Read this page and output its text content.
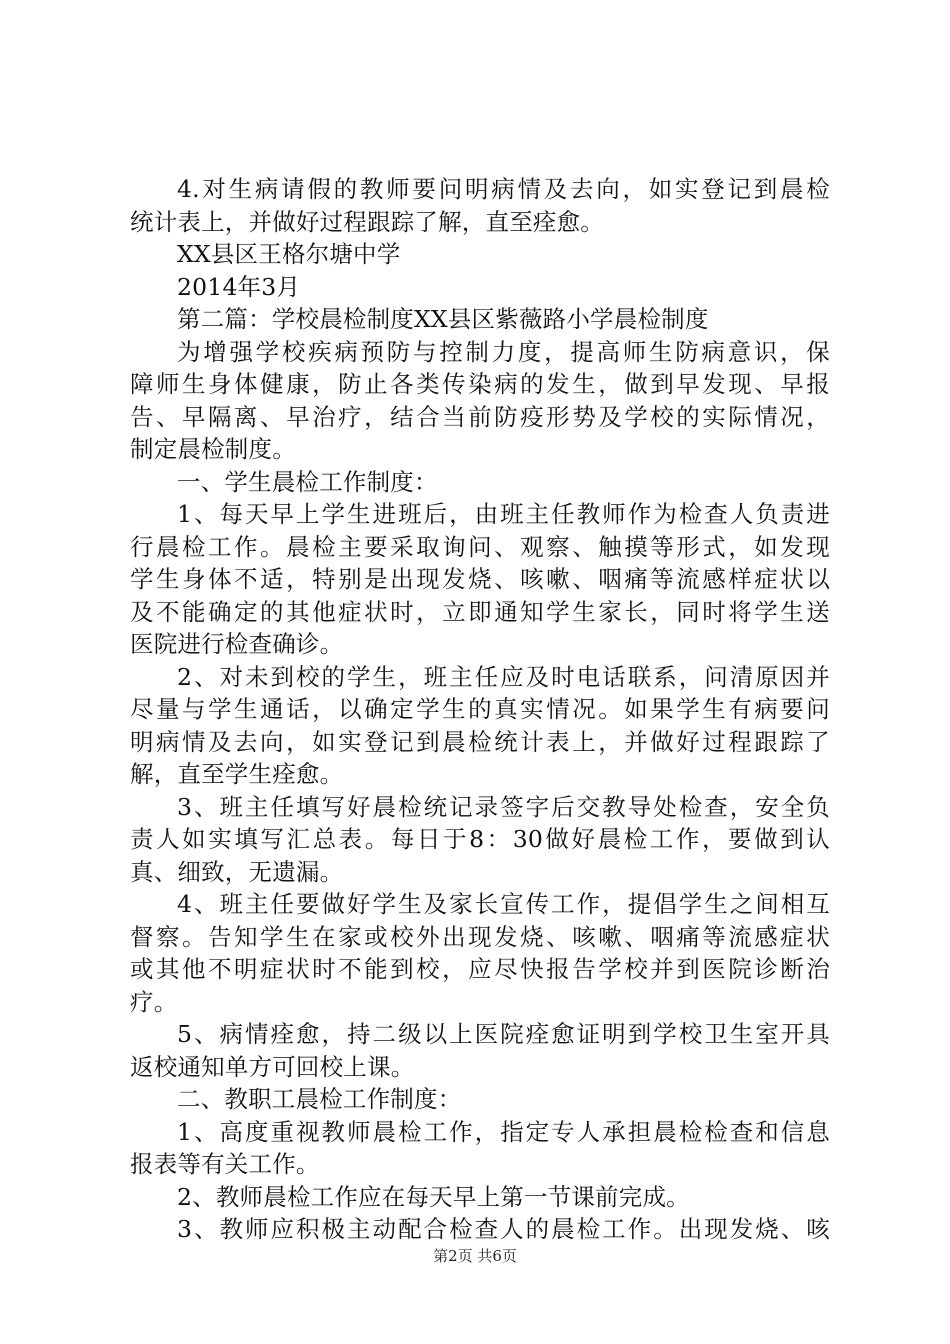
4.对生病请假的教师要问明病情及去向，如实登记到晨检
统计表上，并做好过程跟踪了解，直至痊愈。
XX县区王格尔塘中学
2014年3月
第二篇：学校晨检制度XX县区紫薇路小学晨检制度
为增强学校疾病预防与控制力度，提高师生防病意识，保
障师生身体健康，防止各类传染病的发生，做到早发现、早报
告、早隔离、早治疗，结合当前防疫形势及学校的实际情况，
制定晨检制度。
一、学生晨检工作制度：
1、每天早上学生进班后，由班主任教师作为检查人负责进
行晨检工作。晨检主要采取询问、观察、触摸等形式，如发现
学生身体不适，特别是出现发烧、咳嗽、咽痛等流感样症状以
及不能确定的其他症状时，立即通知学生家长，同时将学生送
医院进行检查确诊。
2、对未到校的学生，班主任应及时电话联系，问清原因并
尽量与学生通话，以确定学生的真实情况。如果学生有病要问
明病情及去向，如实登记到晨检统计表上，并做好过程跟踪了
解，直至学生痊愈。
3、班主任填写好晨检统记录签字后交教导处检查，安全负
责人如实填写汇总表。每日于8：30做好晨检工作，要做到认
真、细致，无遗漏。
4、班主任要做好学生及家长宣传工作，提倡学生之间相互
督察。告知学生在家或校外出现发烧、咳嗽、咽痛等流感症状
或其他不明症状时不能到校，应尽快报告学校并到医院诊断治
疗。
5、病情痊愈，持二级以上医院痊愈证明到学校卫生室开具
返校通知单方可回校上课。
二、教职工晨检工作制度：
1、高度重视教师晨检工作，指定专人承担晨检检查和信息
报表等有关工作。
2、教师晨检工作应在每天早上第一节课前完成。
3、教师应积极主动配合检查人的晨检工作。出现发烧、咳
第2页 共6页
